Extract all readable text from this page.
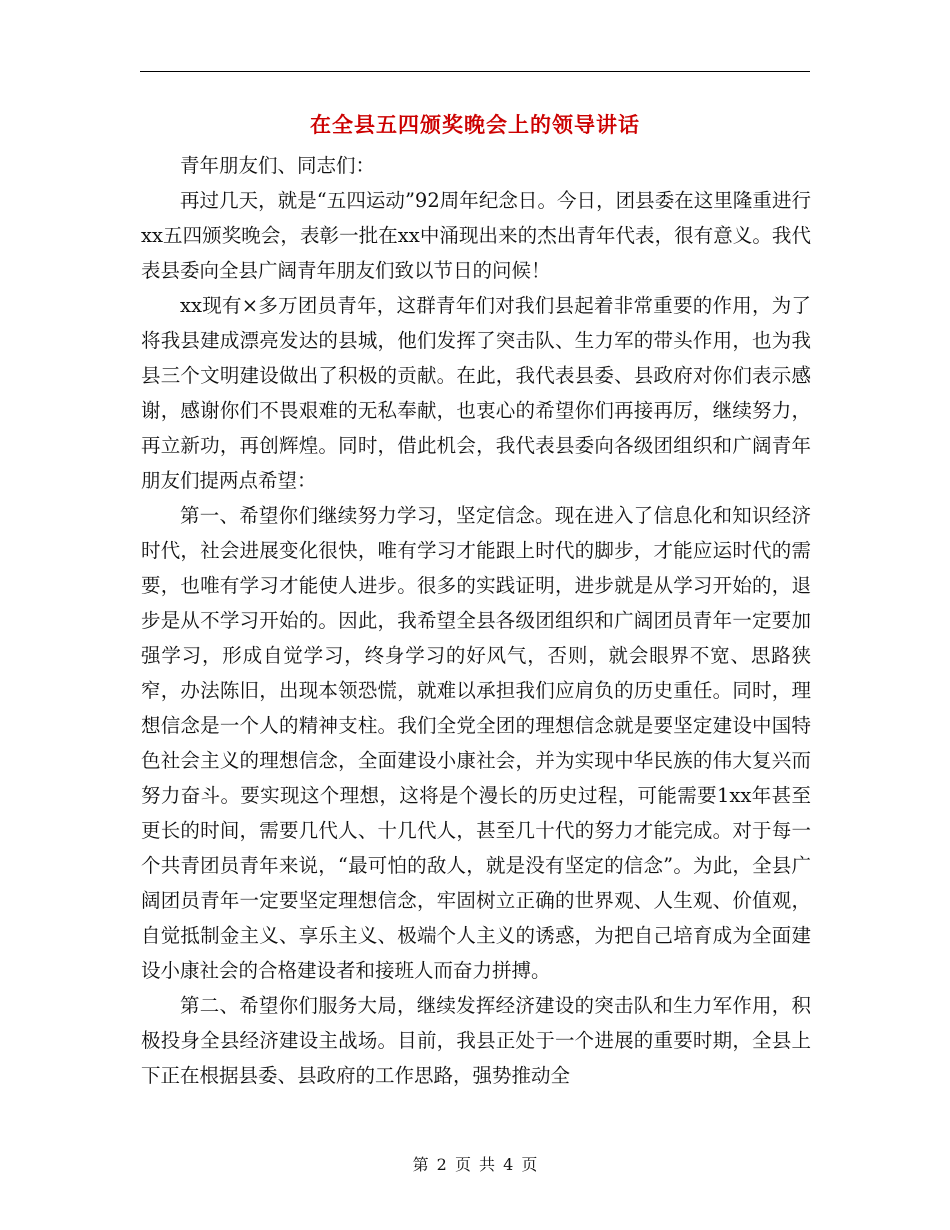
在全县五四颁奖晚会上的领导讲话

青年朋友们、同志们：

再过几天，就是“五四运动”92周年纪念日。今日，团县委在这里隆重进行xx五四颁奖晚会，表彰一批在xx中涌现出来的杰出青年代表，很有意义。我代表县委向全县广阔青年朋友们致以节日的问候！

xx现有×多万团员青年，这群青年们对我们县起着非常重要的作用，为了将我县建成漂亮发达的县城，他们发挥了突击队、生力军的带头作用，也为我县三个文明建设做出了积极的贡献。在此，我代表县委、县政府对你们表示感谢，感谢你们不畏艰难的无私奉献，也衷心的希望你们再接再厉，继续努力，再立新功，再创辉煌。同时，借此机会，我代表县委向各级团组织和广阔青年朋友们提两点希望：

第一、希望你们继续努力学习，坚定信念。现在进入了信息化和知识经济时代，社会进展变化很快，唯有学习才能跟上时代的脚步，才能应运时代的需要，也唯有学习才能使人进步。很多的实践证明，进步就是从学习开始的，退步是从不学习开始的。因此，我希望全县各级团组织和广阔团员青年一定要加强学习，形成自觉学习，终身学习的好风气，否则，就会眼界不宽、思路狭窄，办法陈旧，出现本领恐慌，就难以承担我们应肩负的历史重任。同时，理想信念是一个人的精神支柱。我们全党全团的理想信念就是要坚定建设中国特色社会主义的理想信念，全面建设小康社会，并为实现中华民族的伟大复兴而努力奋斗。要实现这个理想，这将是个漫长的历史过程，可能需要1xx年甚至更长的时间，需要几代人、十几代人，甚至几十代的努力才能完成。对于每一个共青团员青年来说，“最可怕的敌人，就是没有坚定的信念”。为此，全县广阔团员青年一定要坚定理想信念，牢固树立正确的世界观、人生观、价值观，自觉抵制金主义、享乐主义、极端个人主义的诱惑，为把自己培育成为全面建设小康社会的合格建设者和接班人而奋力拼搏。

第二、希望你们服务大局，继续发挥经济建设的突击队和生力军作用，积极投身全县经济建设主战场。目前，我县正处于一个进展的重要时期，全县上下正在根据县委、县政府的工作思路，强势推动全

第 2 页 共 4 页
